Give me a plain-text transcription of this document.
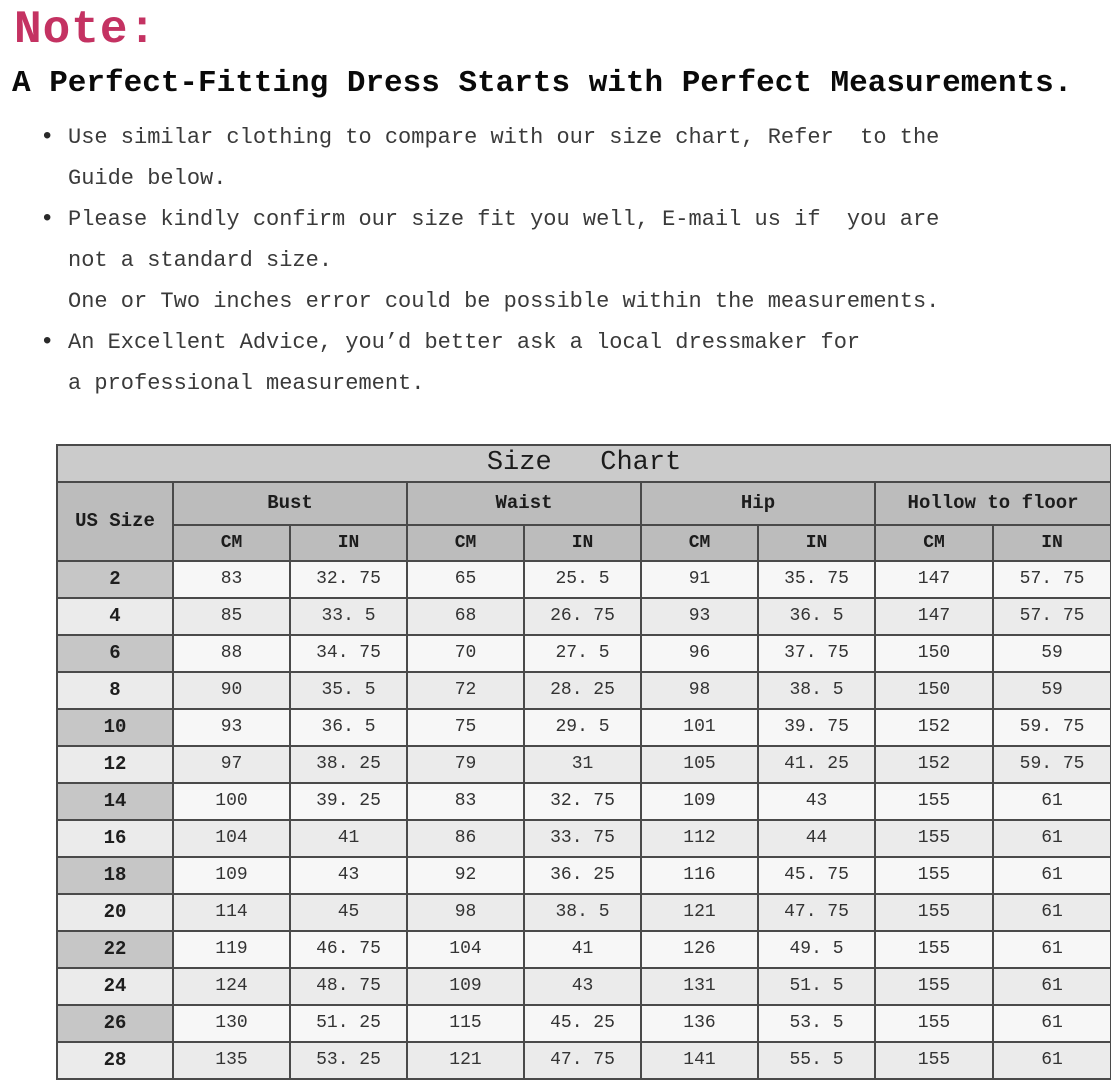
Note:
A Perfect-Fitting Dress Starts with Perfect Measurements.
• Use similar clothing to compare with our size chart, Refer  to the
Guide below.
• Please kindly confirm our size fit you well, E-mail us if  you are
not a standard size.
One or Two inches error could be possible within the measurements.
• An Excellent Advice, you’d better ask a local dressmaker for
a professional measurement.
Size   Chart								
US Size	Bust		Waist		Hip		Hollow to floor	
	CM	IN	CM	IN	CM	IN	CM	IN
2	83	32. 75	65	25. 5	91	35. 75	147	57. 75
4	85	33. 5	68	26. 75	93	36. 5	147	57. 75
6	88	34. 75	70	27. 5	96	37. 75	150	59
8	90	35. 5	72	28. 25	98	38. 5	150	59
10	93	36. 5	75	29. 5	101	39. 75	152	59. 75
12	97	38. 25	79	31	105	41. 25	152	59. 75
14	100	39. 25	83	32. 75	109	43	155	61
16	104	41	86	33. 75	112	44	155	61
18	109	43	92	36. 25	116	45. 75	155	61
20	114	45	98	38. 5	121	47. 75	155	61
22	119	46. 75	104	41	126	49. 5	155	61
24	124	48. 75	109	43	131	51. 5	155	61
26	130	51. 25	115	45. 25	136	53. 5	155	61
28	135	53. 25	121	47. 75	141	55. 5	155	61
